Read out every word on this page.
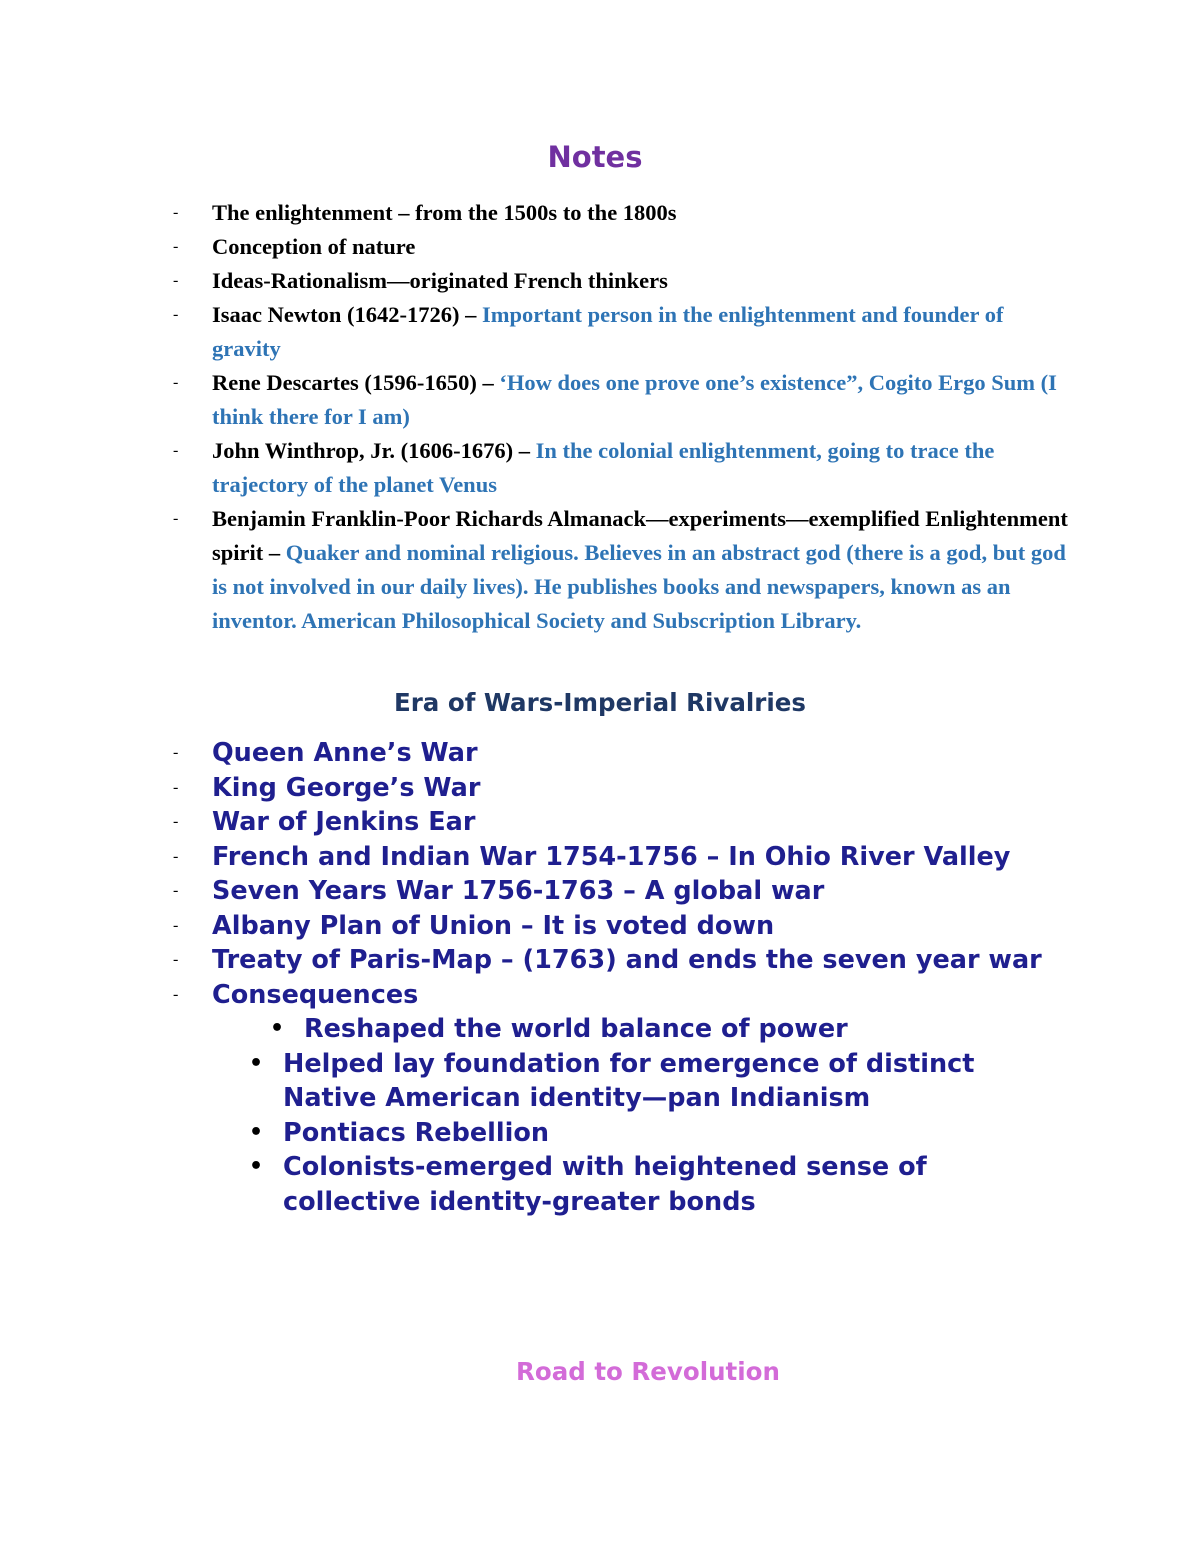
Notes
- The enlightenment – from the 1500s to the 1800s
- Conception of nature
- Ideas-Rationalism—originated French thinkers
- Isaac Newton (1642-1726) – Important person in the enlightenment and founder of gravity
- Rene Descartes (1596-1650) – ‘How does one prove one’s existence”, Cogito Ergo Sum (I think there for I am)
- John Winthrop, Jr. (1606-1676) – In the colonial enlightenment, going to trace the trajectory of the planet Venus
- Benjamin Franklin-Poor Richards Almanack—experiments—exemplified Enlightenment spirit – Quaker and nominal religious. Believes in an abstract god (there is a god, but god is not involved in our daily lives). He publishes books and newspapers, known as an inventor. American Philosophical Society and Subscription Library.
Era of Wars-Imperial Rivalries
- Queen Anne’s War
- King George’s War
- War of Jenkins Ear
- French and Indian War 1754-1756 – In Ohio River Valley
- Seven Years War 1756-1763 – A global war
- Albany Plan of Union – It is voted down
- Treaty of Paris-Map – (1763) and ends the seven year war
- Consequences
• Reshaped the world balance of power
• Helped lay foundation for emergence of distinct Native American identity—pan Indianism
• Pontiacs Rebellion
• Colonists-emerged with heightened sense of collective identity-greater bonds
Road to Revolution
